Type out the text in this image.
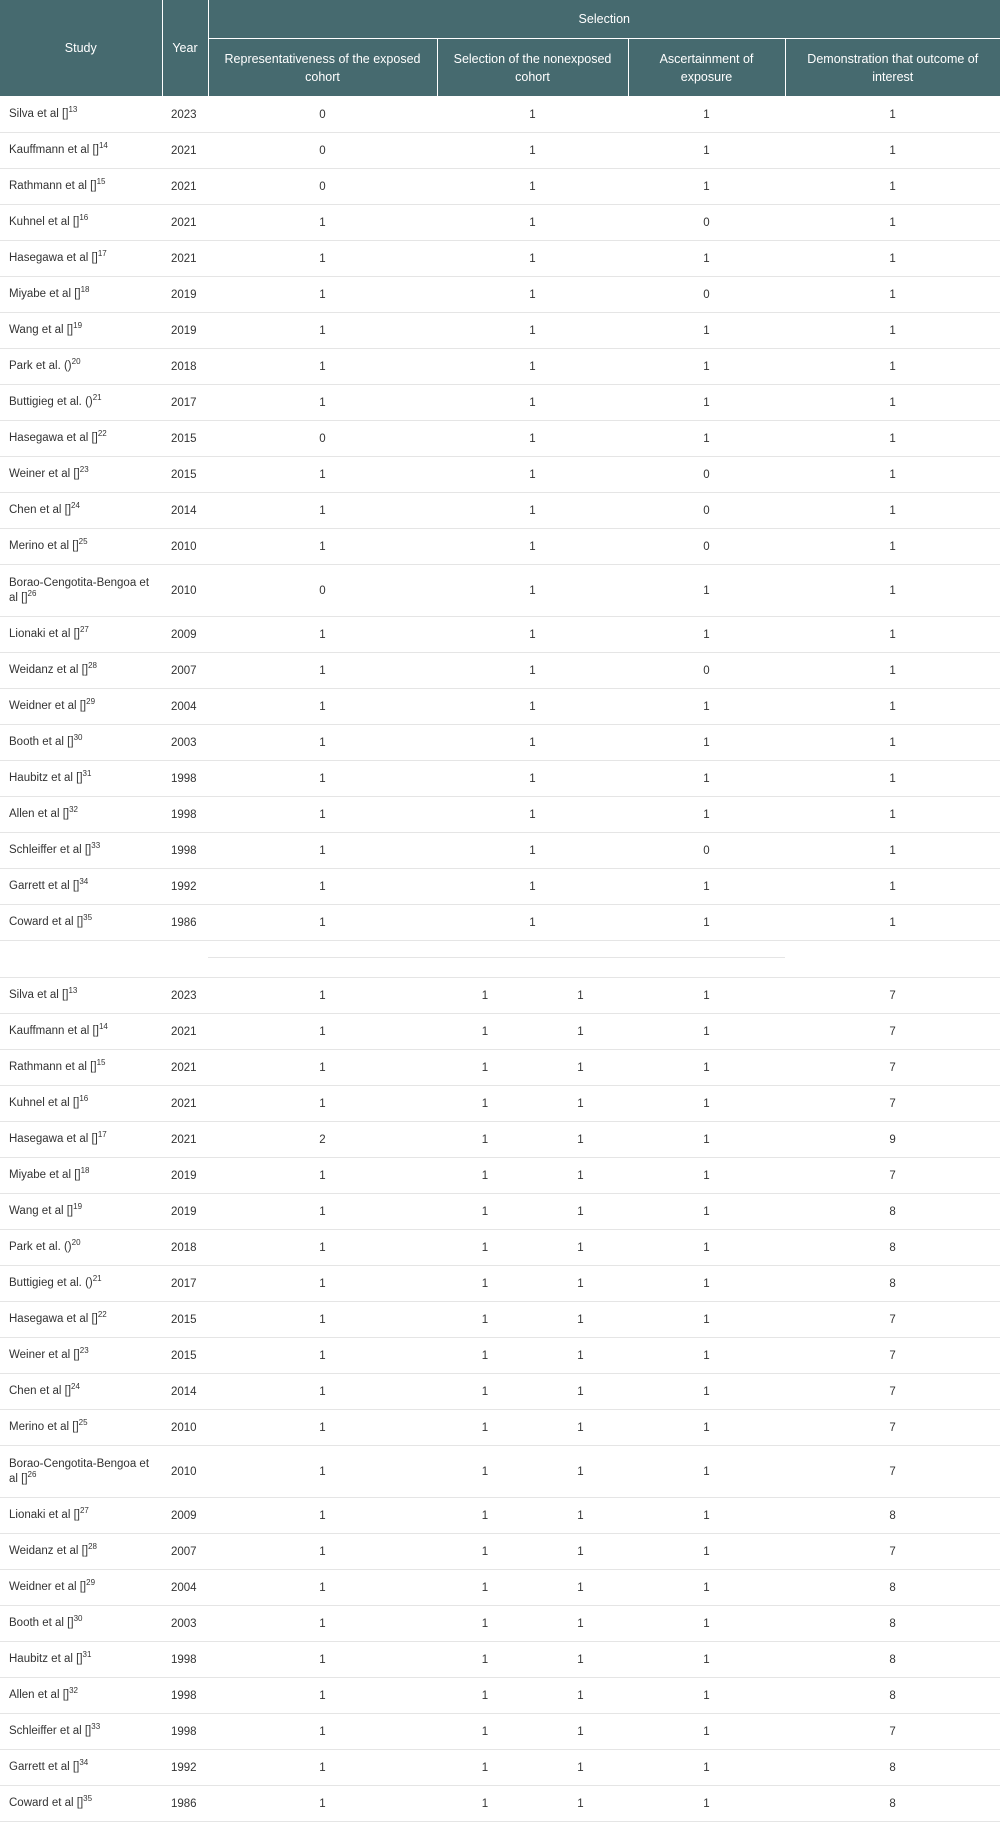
Study	Year	Selection				
		Representativeness of the exposed cohort	Selection of the nonexposed cohort		Ascertainment of exposure	Demonstration that outcome of interest
Silva et al []$^{13}$	2023	0	1		1	1
Kauffmann et al []$^{14}$	2021	0	1		1	1
Rathmann et al []$^{15}$	2021	0	1		1	1
Kuhnel et al []$^{16}$	2021	1	1		0	1
Hasegawa et al []$^{17}$	2021	1	1		1	1
Miyabe et al []$^{18}$	2019	1	1		0	1
Wang et al []$^{19}$	2019	1	1		1	1
Park et al. ()$^{20}$	2018	1	1		1	1
Buttigieg et al. ()$^{21}$	2017	1	1		1	1
Hasegawa et al []$^{22}$	2015	0	1		1	1
Weiner et al []$^{23}$	2015	1	1		0	1
Chen et al []$^{24}$	2014	1	1		0	1
Merino et al []$^{25}$	2010	1	1		0	1
Borao-Cengotita-Bengoa et al []$^{26}$	2010	0	1		1	1
Lionaki et al []$^{27}$	2009	1	1		1	1
Weidanz et al []$^{28}$	2007	1	1		0	1
Weidner et al []$^{29}$	2004	1	1		1	1
Booth et al []$^{30}$	2003	1	1		1	1
Haubitz et al []$^{31}$	1998	1	1		1	1
Allen et al []$^{32}$	1998	1	1		1	1
Schleiffer et al []$^{33}$	1998	1	1		0	1
Garrett et al []$^{34}$	1992	1	1		1	1
Coward et al []$^{35}$	1986	1	1		1	1

Silva et al []$^{13}$	2023	1	1	1	1	7
Kauffmann et al []$^{14}$	2021	1	1	1	1	7
Rathmann et al []$^{15}$	2021	1	1	1	1	7
Kuhnel et al []$^{16}$	2021	1	1	1	1	7
Hasegawa et al []$^{17}$	2021	2	1	1	1	9
Miyabe et al []$^{18}$	2019	1	1	1	1	7
Wang et al []$^{19}$	2019	1	1	1	1	8
Park et al. ()$^{20}$	2018	1	1	1	1	8
Buttigieg et al. ()$^{21}$	2017	1	1	1	1	8
Hasegawa et al []$^{22}$	2015	1	1	1	1	7
Weiner et al []$^{23}$	2015	1	1	1	1	7
Chen et al []$^{24}$	2014	1	1	1	1	7
Merino et al []$^{25}$	2010	1	1	1	1	7
Borao-Cengotita-Bengoa et al []$^{26}$	2010	1	1	1	1	7
Lionaki et al []$^{27}$	2009	1	1	1	1	8
Weidanz et al []$^{28}$	2007	1	1	1	1	7
Weidner et al []$^{29}$	2004	1	1	1	1	8
Booth et al []$^{30}$	2003	1	1	1	1	8
Haubitz et al []$^{31}$	1998	1	1	1	1	8
Allen et al []$^{32}$	1998	1	1	1	1	8
Schleiffer et al []$^{33}$	1998	1	1	1	1	7
Garrett et al []$^{34}$	1992	1	1	1	1	8
Coward et al []$^{35}$	1986	1	1	1	1	8
